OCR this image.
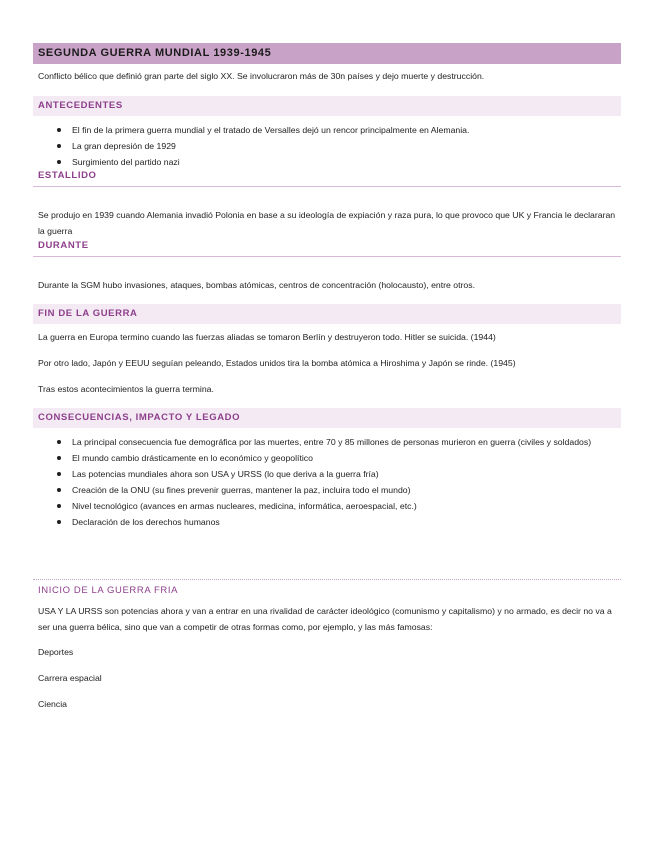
SEGUNDA GUERRA MUNDIAL 1939-1945
Conflicto bélico que definió gran parte del siglo XX. Se involucraron más de 30n países y dejo muerte y destrucción.
ANTECEDENTES
El fin de la primera guerra mundial y el tratado de Versalles dejó un rencor principalmente en Alemania.
La gran depresión de 1929
Surgimiento del partido nazi
ESTALLIDO
Se produjo en 1939 cuando Alemania invadió Polonia en base a su ideología de expiación y raza pura, lo que provoco que UK y Francia le declararan la guerra
DURANTE
Durante la SGM hubo invasiones, ataques, bombas atómicas, centros de concentración (holocausto), entre otros.
FIN DE LA GUERRA
La guerra en Europa termino cuando las fuerzas aliadas se tomaron Berlín y destruyeron todo. Hitler se suicida. (1944)
Por otro lado, Japón y EEUU seguían peleando, Estados unidos tira la bomba atómica a Hiroshima y Japón se rinde. (1945)
Tras estos acontecimientos la guerra termina.
CONSECUENCIAS, IMPACTO Y LEGADO
La principal consecuencia fue demográfica por las muertes, entre 70 y 85 millones de personas murieron en guerra (civiles y soldados)
El mundo cambio drásticamente en lo económico y geopolítico
Las potencias mundiales ahora son USA y URSS (lo que deriva a la guerra fría)
Creación de la ONU (su fines prevenir guerras, mantener la paz, incluira todo el mundo)
Nivel tecnológico (avances en armas nucleares, medicina, informática, aeroespacial, etc.)
Declaración de los derechos humanos
INICIO DE LA GUERRA FRIA
USA Y LA URSS son potencias ahora y van a entrar en una rivalidad de carácter ideológico (comunismo y capitalismo) y no armado, es decir no va a ser una guerra bélica, sino que van a competir de otras formas como, por ejemplo, y las más famosas:
Deportes
Carrera espacial
Ciencia
